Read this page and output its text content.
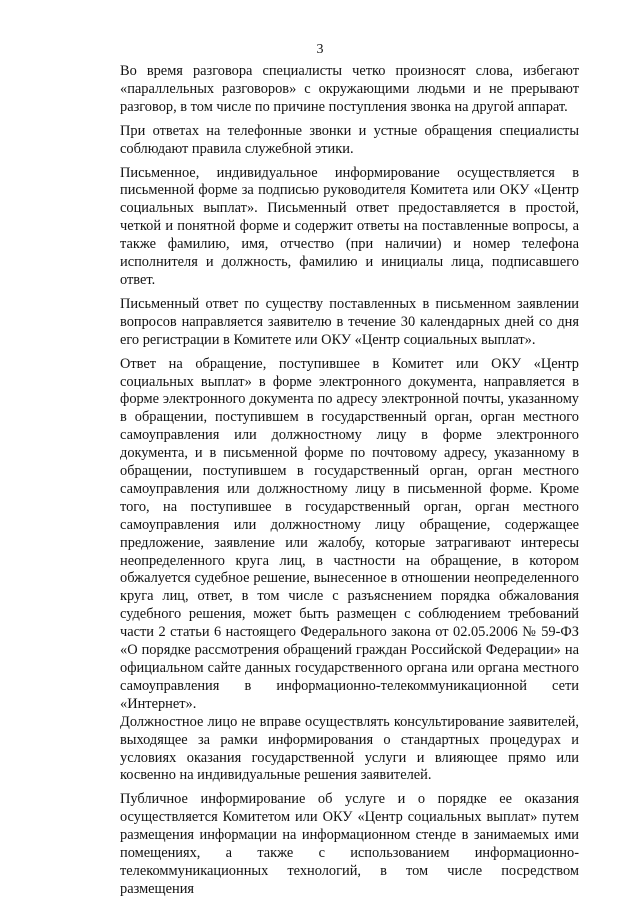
3

Во время разговора специалисты четко произносят слова, избегают «параллельных разговоров» с окружающими людьми и не прерывают разговор, в том числе по причине поступления звонка на другой аппарат.

При ответах на телефонные звонки и устные обращения специалисты соблюдают правила служебной этики.

Письменное, индивидуальное информирование осуществляется в письменной форме за подписью руководителя Комитета или ОКУ «Центр социальных выплат». Письменный ответ предоставляется в простой, четкой и понятной форме и содержит ответы на поставленные вопросы, а также фамилию, имя, отчество (при наличии) и номер телефона исполнителя и должность, фамилию и инициалы лица, подписавшего ответ.

Письменный ответ по существу поставленных в письменном заявлении вопросов направляется заявителю в течение 30 календарных дней со дня его регистрации в Комитете или ОКУ «Центр социальных выплат».

Ответ на обращение, поступившее в Комитет или ОКУ «Центр социальных выплат» в форме электронного документа, направляется в форме электронного документа по адресу электронной почты, указанному в обращении, поступившем в государственный орган, орган местного самоуправления или должностному лицу в форме электронного документа, и в письменной форме по почтовому адресу, указанному в обращении, поступившем в государственный орган, орган местного самоуправления или должностному лицу в письменной форме. Кроме того, на поступившее в государственный орган, орган местного самоуправления или должностному лицу обращение, содержащее предложение, заявление или жалобу, которые затрагивают интересы неопределенного круга лиц, в частности на обращение, в котором обжалуется судебное решение, вынесенное в отношении неопределенного круга лиц, ответ, в том числе с разъяснением порядка обжалования судебного решения, может быть размещен с соблюдением требований части 2 статьи 6 настоящего Федерального закона от 02.05.2006 № 59-ФЗ «О порядке рассмотрения обращений граждан Российской Федерации» на официальном сайте данных государственного органа или органа местного самоуправления в информационно-телекоммуникационной сети «Интернет».

Должностное лицо не вправе осуществлять консультирование заявителей, выходящее за рамки информирования о стандартных процедурах и условиях оказания государственной услуги и влияющее прямо или косвенно на индивидуальные решения заявителей.

Публичное информирование об услуге и о порядке ее оказания осуществляется Комитетом или ОКУ «Центр социальных выплат» путем размещения информации на информационном стенде в занимаемых ими помещениях, а также с использованием информационно-телекоммуникационных технологий, в том числе посредством размещения
